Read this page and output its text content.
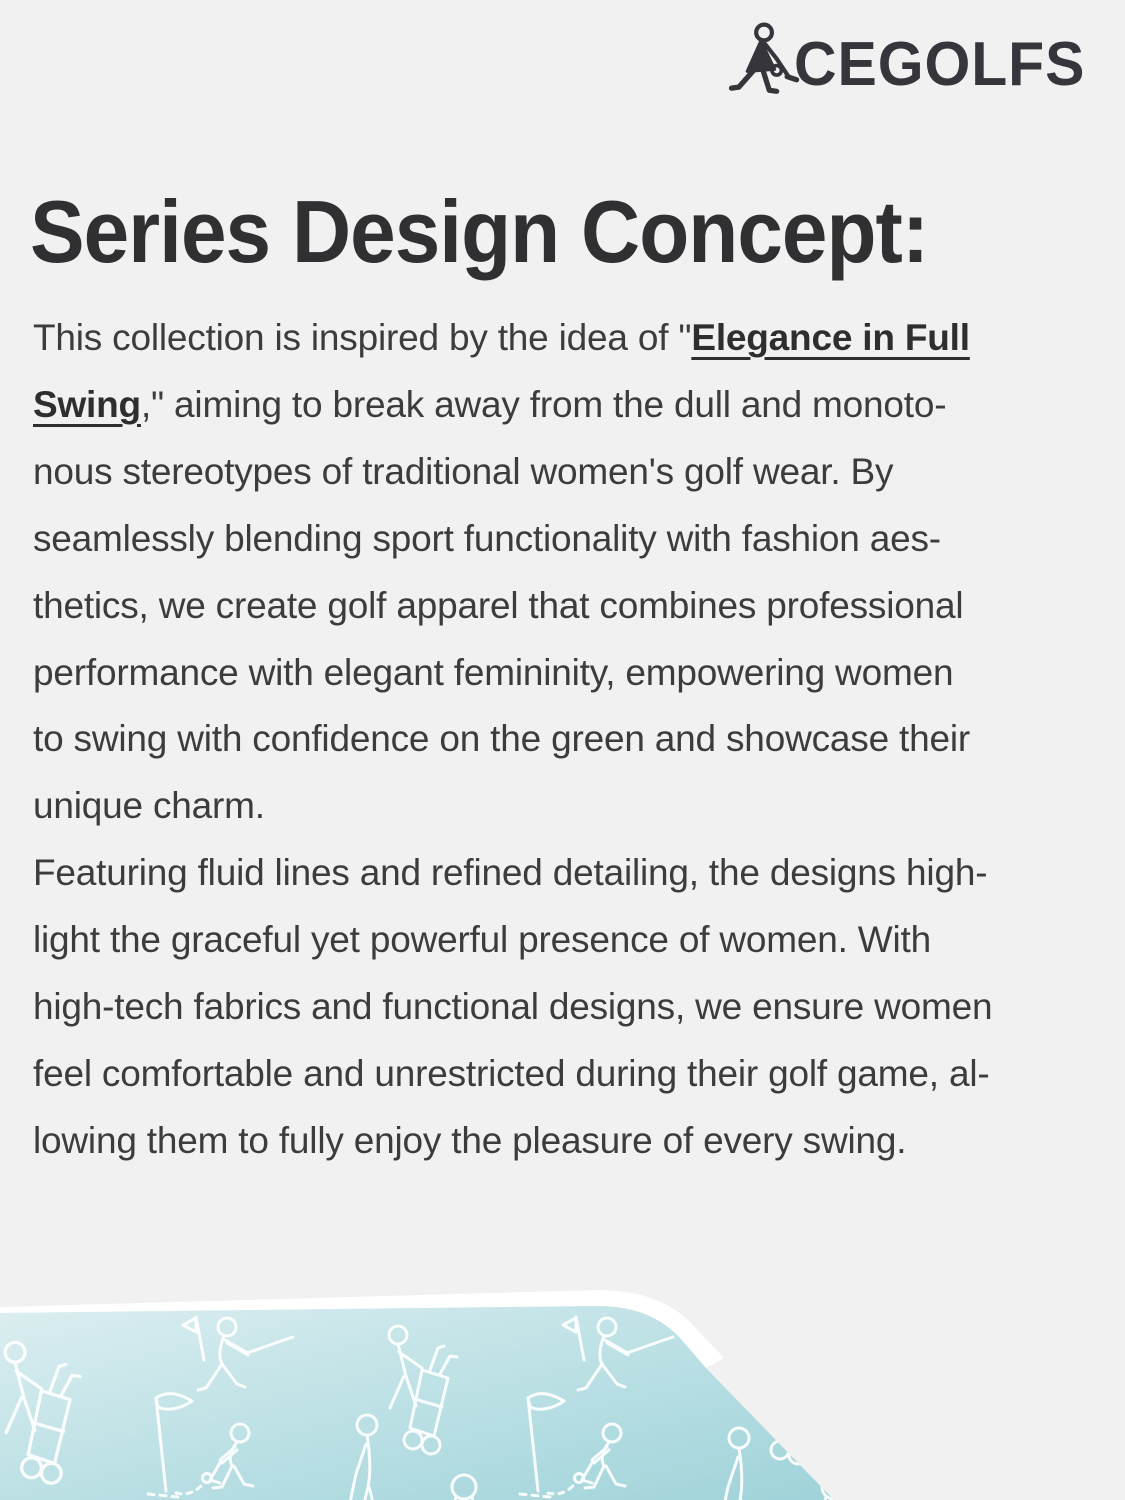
CEGOLFS
Series Design Concept:
This collection is inspired by the idea of "Elegance in Full
Swing," aiming to break away from the dull and monoto-
nous stereotypes of traditional women's golf wear. By
seamlessly blending sport functionality with fashion aes-
thetics, we create golf apparel that combines professional
performance with elegant femininity, empowering women
to swing with confidence on the green and showcase their
unique charm.
Featuring fluid lines and refined detailing, the designs high-
light the graceful yet powerful presence of women. With
high-tech fabrics and functional designs, we ensure women
feel comfortable and unrestricted during their golf game, al-
lowing them to fully enjoy the pleasure of every swing.
